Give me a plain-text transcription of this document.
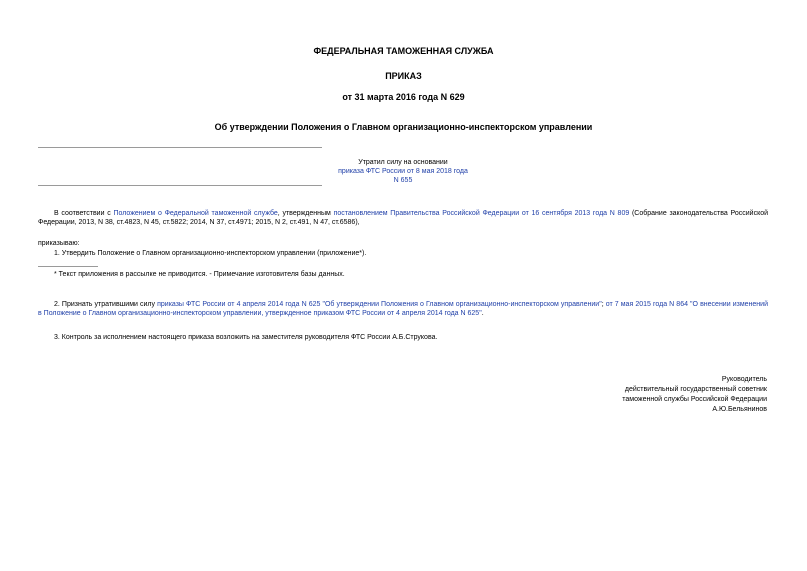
ФЕДЕРАЛЬНАЯ ТАМОЖЕННАЯ СЛУЖБА
ПРИКАЗ
от 31 марта 2016 года N 629
Об утверждении Положения о Главном организационно-инспекторском управлении
Утратил силу на основании
приказа ФТС России от 8 мая 2018 года N 655
В соответствии с Положением о Федеральной таможенной службе, утвержденным постановлением Правительства Российской Федерации от 16 сентября 2013 года N 809 (Собрание законодательства Российской Федерации, 2013, N 38, ст.4823, N 45, ст.5822; 2014, N 37, ст.4971; 2015, N 2, ст.491, N 47, ст.6586),
приказываю:
1. Утвердить Положение о Главном организационно-инспекторском управлении (приложение*).
* Текст приложения в рассылке не приводится. - Примечание изготовителя базы данных.
2. Признать утратившими силу приказы ФТС России от 4 апреля 2014 года N 625 "Об утверждении Положения о Главном организационно-инспекторском управлении"; от 7 мая 2015 года N 864 "О внесении изменений в Положение о Главном организационно-инспекторском управлении, утвержденное приказом ФТС России от 4 апреля 2014 года N 625".
3. Контроль за исполнением настоящего приказа возложить на заместителя руководителя ФТС России А.Б.Струкова.
Руководитель
действительный государственный советник
таможенной службы Российской Федерации
А.Ю.Бельянинов
